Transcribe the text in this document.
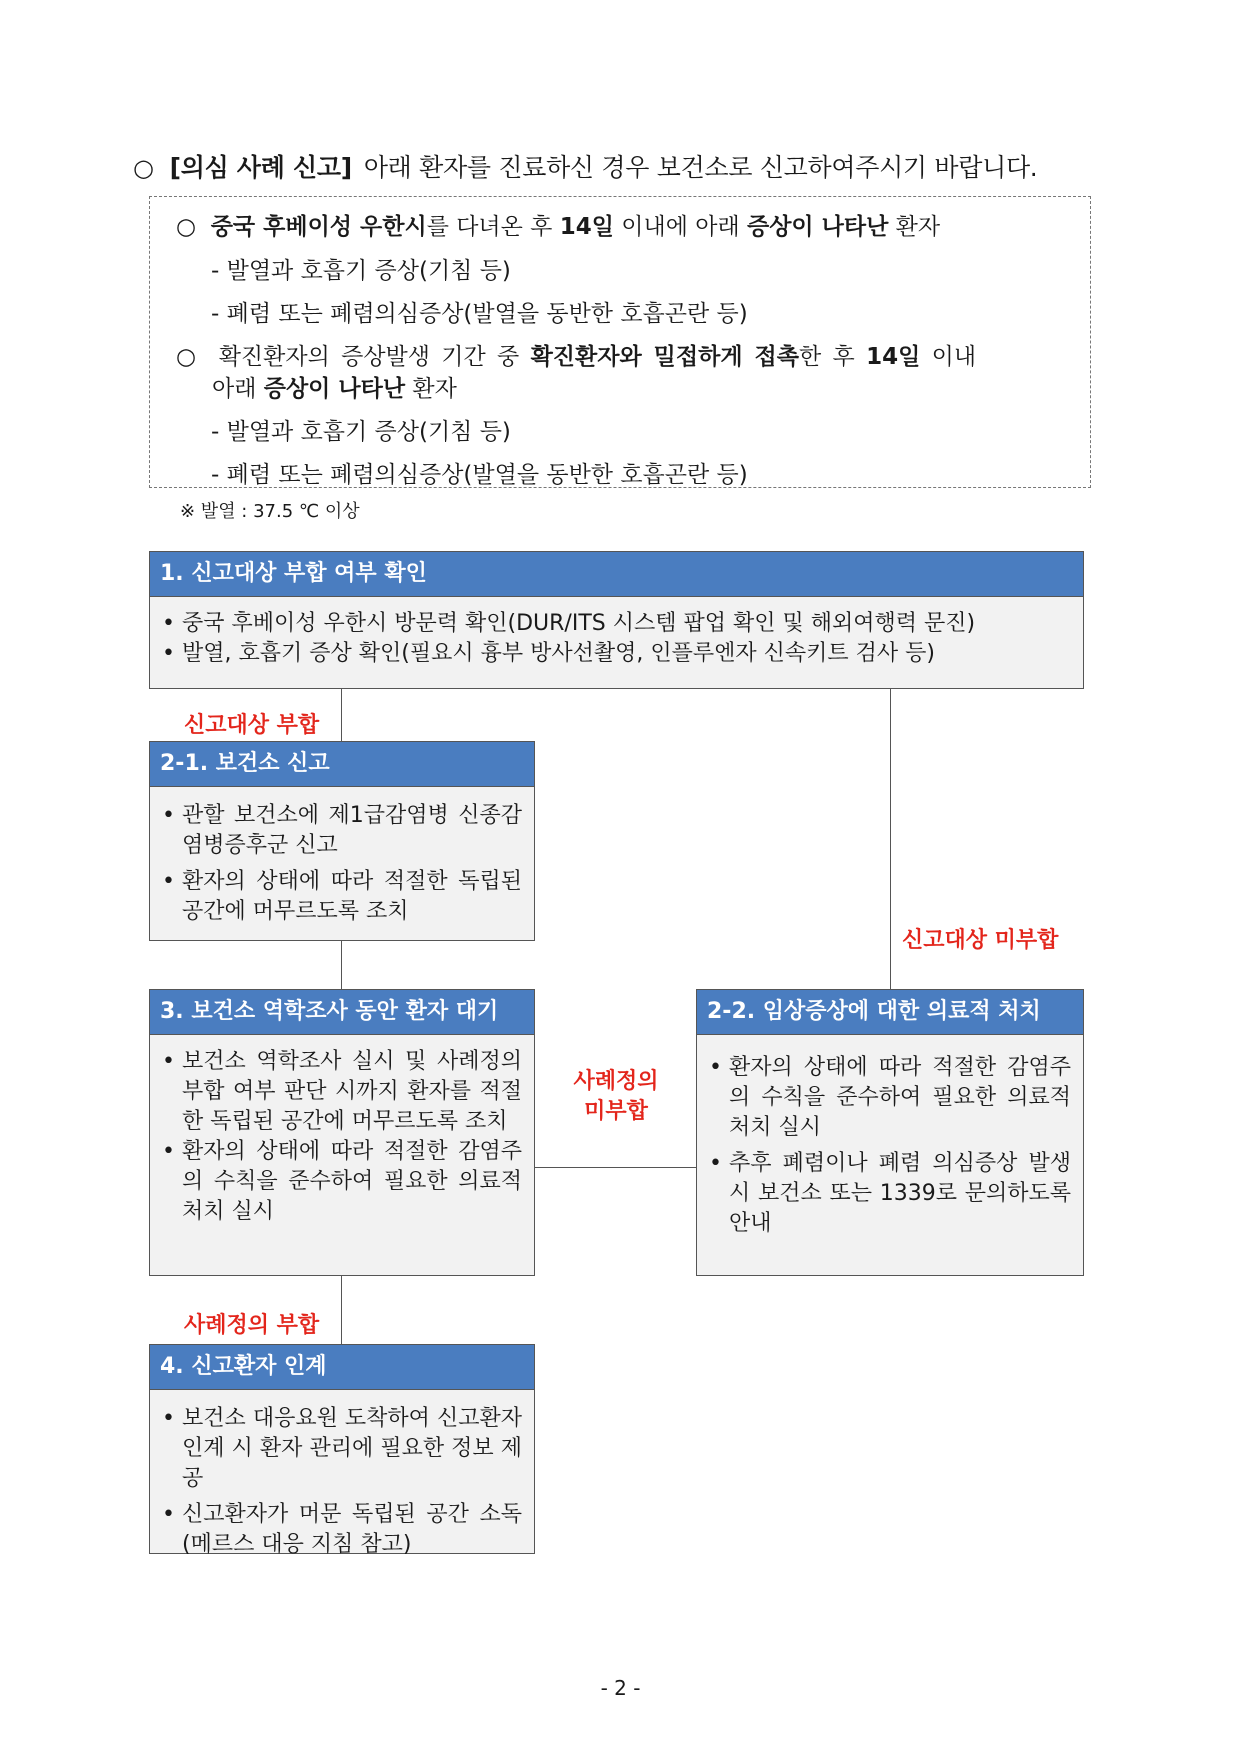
○ [의심 사례 신고] 아래 환자를 진료하신 경우 보건소로 신고하여주시기 바랍니다.
○ 중국 후베이성 우한시를 다녀온 후 14일 이내에 아래 증상이 나타난 환자
- 발열과 호흡기 증상(기침 등)
- 폐렴 또는 폐렴의심증상(발열을 동반한 호흡곤란 등)
○ 확진환자의 증상발생 기간 중 확진환자와 밀접하게 접촉한 후 14일 이내
아래 증상이 나타난 환자
- 발열과 호흡기 증상(기침 등)
- 폐렴 또는 폐렴의심증상(발열을 동반한 호흡곤란 등)
※ 발열 : 37.5 ℃ 이상
1. 신고대상 부합 여부 확인
• 중국 후베이성 우한시 방문력 확인(DUR/ITS 시스템 팝업 확인 및 해외여행력 문진)
• 발열, 호흡기 증상 확인(필요시 흉부 방사선촬영, 인플루엔자 신속키트 검사 등)
신고대상 부합
신고대상 미부합
2-1. 보건소 신고
• 관할 보건소에 제1급감염병 신종감염병증후군 신고
• 환자의 상태에 따라 적절한 독립된 공간에 머무르도록 조치
3. 보건소 역학조사 동안 환자 대기
• 보건소 역학조사 실시 및 사례정의 부합 여부 판단 시까지 환자를 적절한 독립된 공간에 머무르도록 조치
• 환자의 상태에 따라 적절한 감염주의 수칙을 준수하여 필요한 의료적 처치 실시
사례정의
미부합
2-2. 임상증상에 대한 의료적 처치
• 환자의 상태에 따라 적절한 감염주의 수칙을 준수하여 필요한 의료적 처치 실시
• 추후 폐렴이나 폐렴 의심증상 발생 시 보건소 또는 1339로 문의하도록 안내
사례정의 부합
4. 신고환자 인계
• 보건소 대응요원 도착하여 신고환자 인계 시 환자 관리에 필요한 정보 제공
• 신고환자가 머문 독립된 공간 소독(메르스 대응 지침 참고)
- 2 -
